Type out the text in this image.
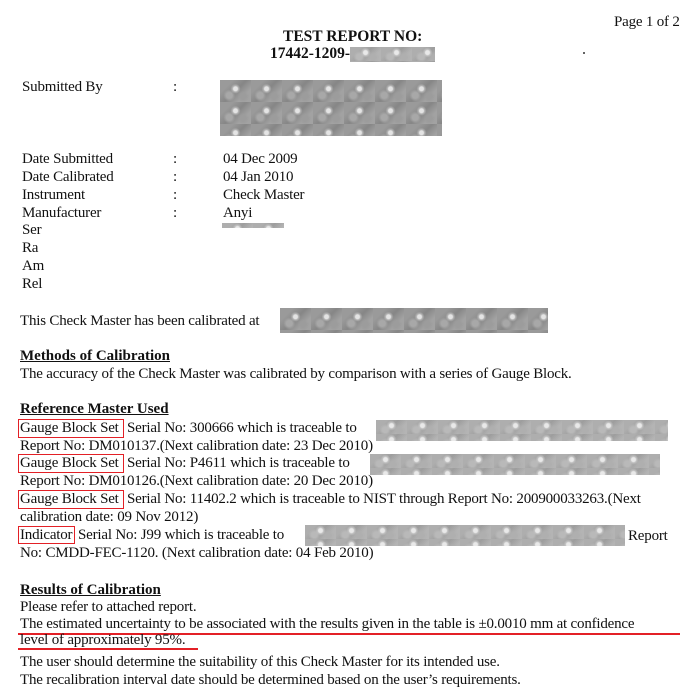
Page 1 of 2
TEST REPORT NO:
17442-1209-
Submitted By	:
Date Submitted	:	04 Dec 2009
Date Calibrated	:	04 Jan 2010
Instrument	:	Check Master
Manufacturer	:	Anyi
Ser
Ra
Am
Rel
This Check Master has been calibrated at
Methods of Calibration
The accuracy of the Check Master was calibrated by comparison with a series of Gauge Block.
Reference Master Used
Gauge Block Set Serial No: 300666 which is traceable to
Report No: DM010137.(Next calibration date: 23 Dec 2010)
Gauge Block Set Serial No: P4611 which is traceable to
Report No: DM010126.(Next calibration date: 20 Dec 2010)
Gauge Block Set Serial No: 11402.2 which is traceable to NIST through Report No: 200900033263.(Next
calibration date: 09 Nov 2012)
Indicator Serial No: J99 which is traceable to	Report
No: CMDD-FEC-1120. (Next calibration date: 04 Feb 2010)
Results of Calibration
Please refer to attached report.
The estimated uncertainty to be associated with the results given in the table is ±0.0010 mm at confidence
level of approximately 95%.
The user should determine the suitability of this Check Master for its intended use.
The recalibration interval date should be determined based on the user’s requirements.
